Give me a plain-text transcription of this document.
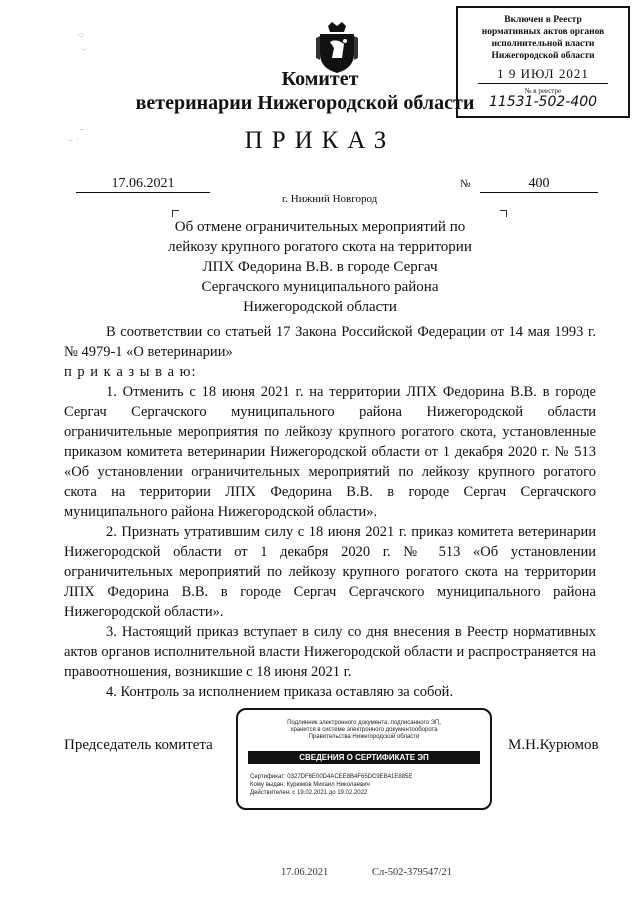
·:·
·‥·
‥ ·
·‥ ··
Комитет
ветеринарии Нижегородской области
Включен в Реестр
нормативных актов органов
исполнительной власти
Нижегородской области
1 9 ИЮЛ 2021
№ в реестре
11531-502-400
ПРИКАЗ
17.06.2021
г. Нижний Новгород
№	400
Об отмене ограничительных мероприятий по
лейкозу крупного рогатого скота на территории
ЛПХ Федорина В.В. в городе Сергач
Сергачского муниципального района
Нижегородской области

В соответствии со статьей 17 Закона Российской Федерации от 14 мая 1993 г. № 4979-1 «О ветеринарии»

п р и к а з ы в а ю:

1. Отменить с 18 июня 2021 г. на территории ЛПХ Федорина В.В. в городе Сергач Сергачского муниципального района Нижегородской области ограничительные мероприятия по лейкозу крупного рогатого скота, установленные приказом комитета ветеринарии Нижегородской области от 1 декабря 2020 г. № 513 «Об установлении ограничительных мероприятий по лейкозу крупного рогатого скота на территории ЛПХ Федорина В.В. в городе Сергач Сергачского муниципального района Нижегородской области».

2. Признать утратившим силу с 18 июня 2021 г. приказ комитета ветеринарии Нижегородской области от 1 декабря 2020 г. № 513 «Об установлении ограничительных мероприятий по лейкозу крупного рогатого скота на территории ЛПХ Федорина В.В. в городе Сергач Сергачского муниципального района Нижегородской области».

3. Настоящий приказ вступает в силу со дня внесения в Реестр нормативных актов органов исполнительной власти Нижегородской области и распространяется на правоотношения, возникшие с 18 июня 2021 г.

4. Контроль за исполнением приказа оставляю за собой.

Председатель комитета	М.Н.Курюмов
Подлинник электронного документа, подписанного ЭП,
хранится в системе электронного документооборота
Правительства Нижегородской области
СВЕДЕНИЯ О СЕРТИФИКАТЕ ЭП
Сертификат: 0327DF6E00D4ACEE8B4F65DC9EB41E885E
Кому выдан: Курюмов Михаил Николаевич
Действителен: с 19.02.2021 до 19.02.2022
17.06.2021	Сл-502-379547/21
